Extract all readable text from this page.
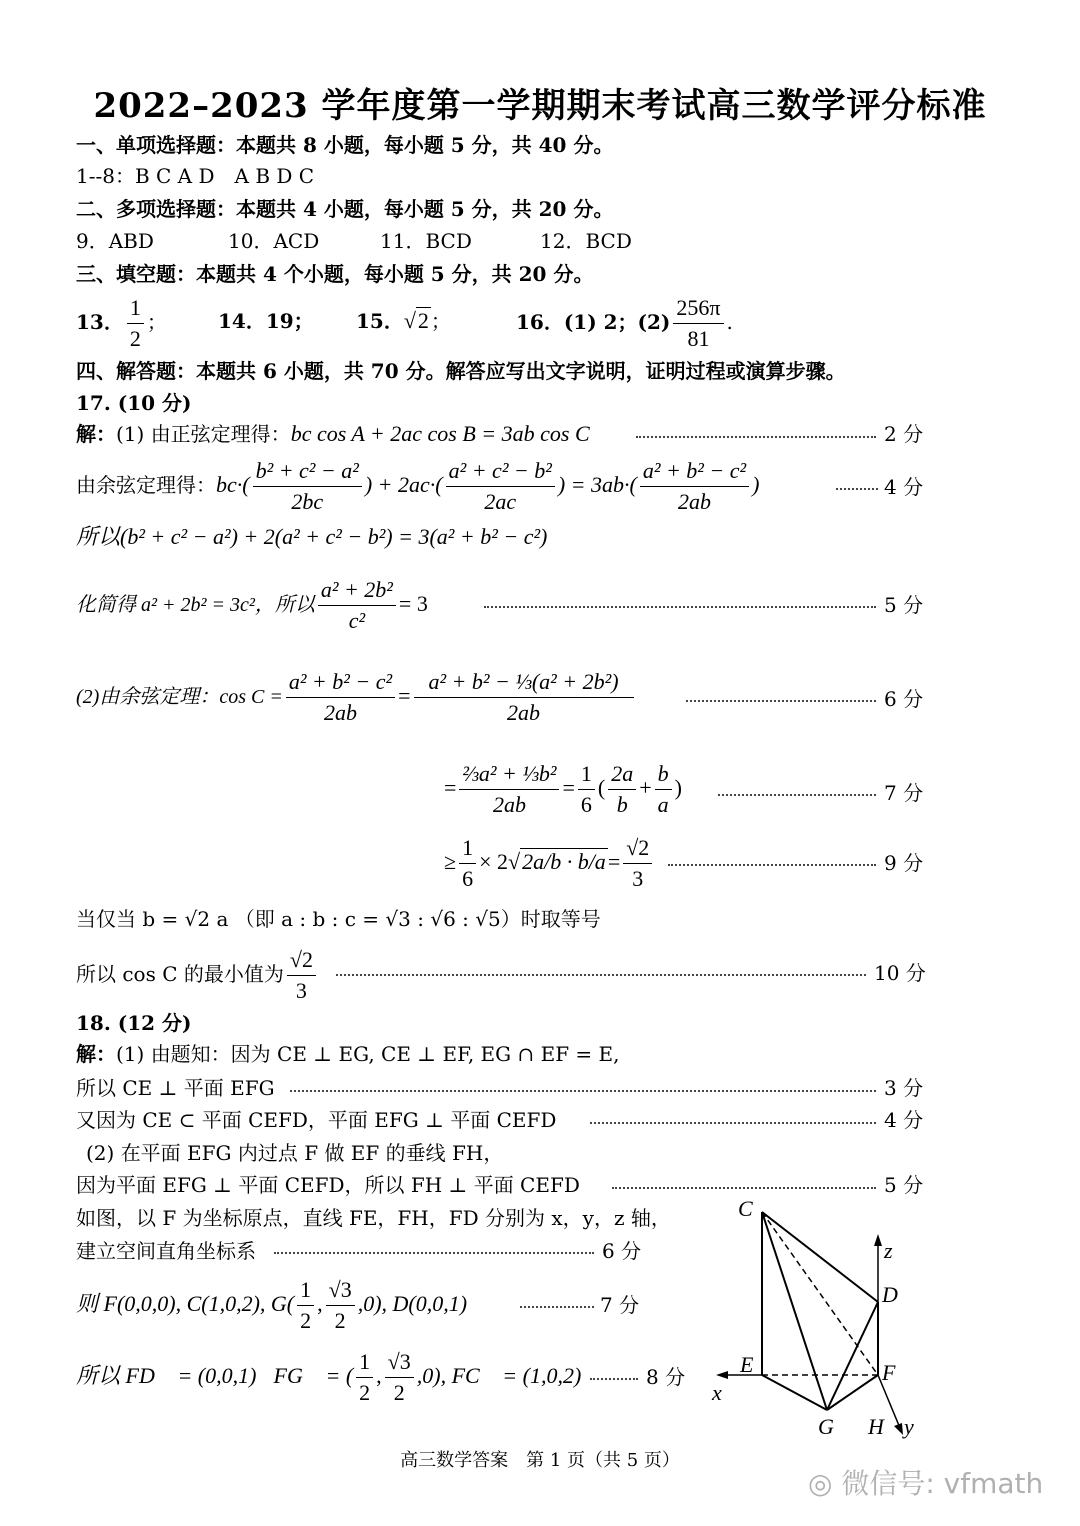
2022–2023 学年度第一学期期末考试高三数学评分标准
一、单项选择题：本题共 8 小题，每小题 5 分，共 40 分。
1--8：B C A D　A B D C
二、多项选择题：本题共 4 小题，每小题 5 分，共 20 分。
9．ABD	10．ACD	11．BCD	12．BCD
三、填空题：本题共 4 个小题，每小题 5 分，共 20 分。
13． $\frac{1}{2}$ ；	14．19； 15．√2 ；	16．(1) 2；$(2) \frac{256\pi}{81}$ .
四、解答题：本题共 6 小题，共 70 分。解答应写出文字说明，证明过程或演算步骤。
17. (10 分)
解：(1) 由正弦定理得：bc cos A + 2ac cos B = 3ab cos C	2 分
由余弦定理得：$bc\cdot( \frac{\text{b² + c² − a²}}{2bc}$ ) + $2ac\cdot( \frac{\text{a² + c² − b²}}{2ac}$ ) = $3ab\cdot( \frac{\text{a² + b² − c²}}{2ab}$ )	4 分
所以(b² + c² − a²) + 2(a² + c² − b²) = 3(a² + b² − c²)
化简得 a² + 2b² = 3c²，所以 $\frac{\text{a² + 2b²}}{\text{c²}} = 3$	5 分
(2)由余弦定理：$\cos C = \frac{\text{a² + b² − c²}}{2ab} = \frac{\text{a² + b² − ⅓(a² + 2b²)}}{2ab}$	6 分
= $\frac{\text{⅔a² + ⅓b²}}{2ab} = \frac{1}{6}$ ( $\frac{2a}{b} + \frac{b}{a}$ )	7 分
≥ $\frac{1}{6} \times 2√2a/b \cdot b/a= \frac{√2}{3}$	9 分
当仅当 b = √2 a （即 a : b : c = √3 : √6 : √5）时取等号
所以 cos C 的最小值为 $\frac{√2}{3}$	10 分
18. (12 分)
解：(1) 由题知：因为 CE ⊥ EG, CE ⊥ EF, EG ∩ EF = E,
所以 CE ⊥ 平面 EFG	3 分
又因为 CE ⊂ 平面 CEFD，平面 EFG ⊥ 平面 CEFD	4 分
(2) 在平面 EFG 内过点 F 做 EF 的垂线 FH，
因为平面 EFG ⊥ 平面 CEFD，所以 FH ⊥ 平面 CEFD	5 分
如图，以 F 为坐标原点，直线 FE，FH，FD 分别为 x，y，z 轴，
建立空间直角坐标系	6 分
则 F(0,0,0), C(1,0,2), $G( \frac{1}{2}$ , $\frac{√3}{2} ,0$), D(0,0,1)	7 分
所以 FD⃗ = (0,0,1)，FG⃗ = ( $\frac{1}{2}$ , $\frac{√3}{2} ,0$), FC⃗ = (1,0,2)	8 分
C
D
E	F
G H
x
y
z
高三数学答案　第 1 页（共 5 页）
◎ 微信号: vfmath
